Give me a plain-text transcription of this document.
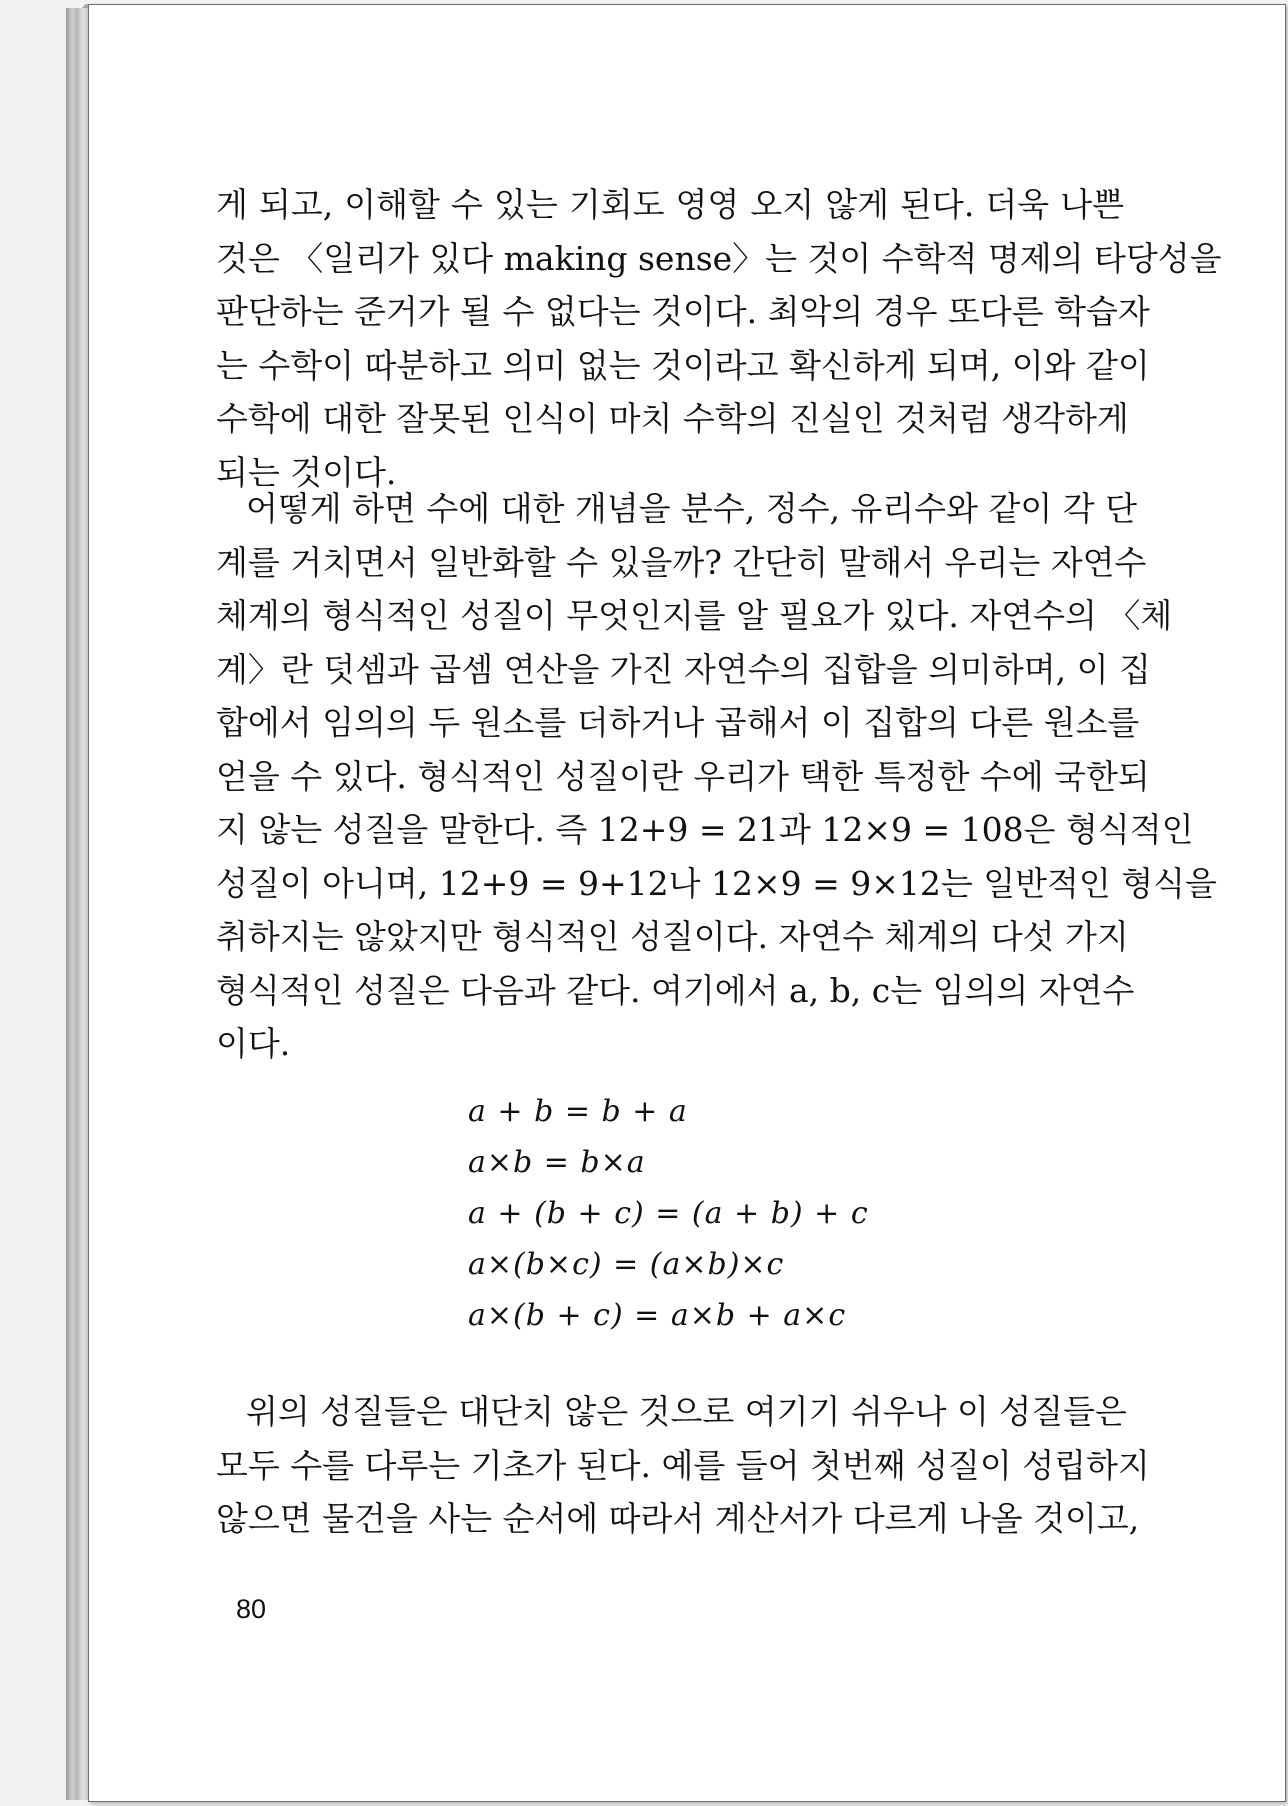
게 되고, 이해할 수 있는 기회도 영영 오지 않게 된다. 더욱 나쁜
것은 〈일리가 있다 making sense〉는 것이 수학적 명제의 타당성을
판단하는 준거가 될 수 없다는 것이다. 최악의 경우 또다른 학습자
는 수학이 따분하고 의미 없는 것이라고 확신하게 되며, 이와 같이
수학에 대한 잘못된 인식이 마치 수학의 진실인 것처럼 생각하게
되는 것이다.
어떻게 하면 수에 대한 개념을 분수, 정수, 유리수와 같이 각 단
계를 거치면서 일반화할 수 있을까? 간단히 말해서 우리는 자연수
체계의 형식적인 성질이 무엇인지를 알 필요가 있다. 자연수의 〈체
계〉란 덧셈과 곱셈 연산을 가진 자연수의 집합을 의미하며, 이 집
합에서 임의의 두 원소를 더하거나 곱해서 이 집합의 다른 원소를
얻을 수 있다. 형식적인 성질이란 우리가 택한 특정한 수에 국한되
지 않는 성질을 말한다. 즉 12+9 = 21과 12×9 = 108은 형식적인
성질이 아니며, 12+9 = 9+12나 12×9 = 9×12는 일반적인 형식을
취하지는 않았지만 형식적인 성질이다. 자연수 체계의 다섯 가지
형식적인 성질은 다음과 같다. 여기에서 a, b, c는 임의의 자연수
이다.
a + b = b + a
a×b = b×a
a + (b + c) = (a + b) + c
a×(b×c) = (a×b)×c
a×(b + c) = a×b + a×c
위의 성질들은 대단치 않은 것으로 여기기 쉬우나 이 성질들은
모두 수를 다루는 기초가 된다. 예를 들어 첫번째 성질이 성립하지
않으면 물건을 사는 순서에 따라서 계산서가 다르게 나올 것이고,
80
